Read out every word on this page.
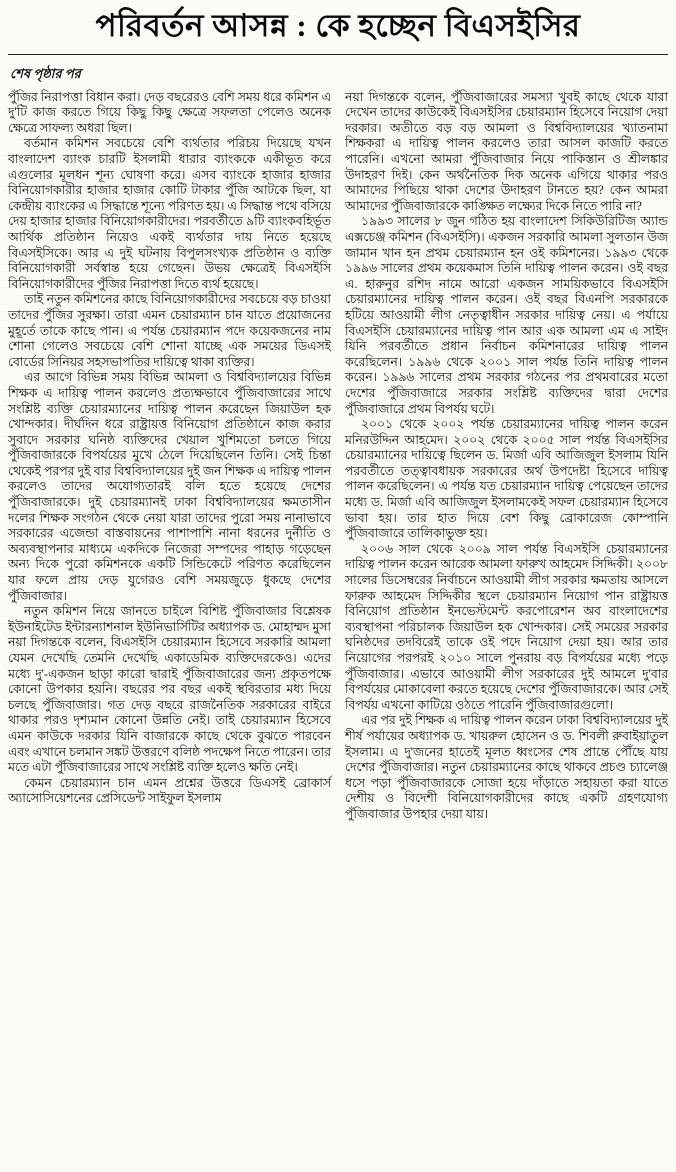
পরিবর্তন আসন্ন : কে হচ্ছেন বিএসইসির
শেষ পৃষ্ঠার পর

পুঁজির নিরাপত্তা বিধান করা। দেড় বছরেরও বেশি সময় ধরে কমিশন এ দু'টি কাজ করতে গিয়ে কিছু কিছু ক্ষেত্রে সফলতা পেলেও অনেক ক্ষেত্রে সাফল্য অধরা ছিল।

বর্তমান কমিশন সবচেয়ে বেশি ব্যর্থতার পরিচয় দিয়েছে যখন বাংলাদেশ ব্যাংক চারটি ইসলামী ধারার ব্যাংককে একীভূত করে এগুলোর মূলধন শূন্য ঘোষণা করে। এসব ব্যাংকে হাজার হাজার বিনিয়োগকারীর হাজার হাজার কোটি টাকার পুঁজি আটকে ছিল, যা কেন্দ্রীয় ব্যাংকের এ সিদ্ধান্তে শূন্যে পরিণত হয়। এ সিদ্ধান্ত পথে বসিয়ে দেয় হাজার হাজার বিনিয়োগকারীদের। পরবর্তীতে ৯টি ব্যাংকবহির্ভূত আর্থিক প্রতিষ্ঠান নিয়েও একই ব্যর্থতার দায় নিতে হয়েছে বিএসইসিকে। আর এ দুই ঘটনায় বিপুলসংখ্যক প্রতিষ্ঠান ও ব্যক্তি বিনিয়োগকারী সর্বস্বান্ত হয়ে গেছেন। উভয় ক্ষেত্রেই বিএসইসি বিনিয়োগকারীদের পুঁজির নিরাপত্তা দিতে ব্যর্থ হয়েছে।

তাই নতুন কমিশনের কাছে বিনিয়োগকারীদের সবচেয়ে বড় চাওয়া তাদের পুঁজির সুরক্ষা। তারা এমন চেয়ারম্যান চান যাতে প্রয়োজনের মুহূর্তে তাকে কাছে পান। এ পর্যন্ত চেয়ারম্যান পদে কয়েকজনের নাম শোনা গেলেও সবচেয়ে বেশি শোনা যাচ্ছে এক সময়ের ডিএসই বোর্ডের সিনিয়র সহসভাপতির দায়িত্বে থাকা ব্যক্তির।

এর আগে বিভিন্ন সময় বিভিন্ন আমলা ও বিশ্ববিদ্যালয়ের বিভিন্ন শিক্ষক এ দায়িত্ব পালন করলেও প্রত্যক্ষভাবে পুঁজিবাজারের সাথে সংশ্লিষ্ট ব্যক্তি চেয়ারম্যানের দায়িত্ব পালন করেছেন জিয়াউল হক খোন্দকার। দীর্ঘদিন ধরে রাষ্ট্রায়ত্ত বিনিয়োগ প্রতিষ্ঠানে কাজ করার সুবাদে সরকার ঘনিষ্ঠ ব্যক্তিদের খেয়াল খুশিমতো চলতে গিয়ে পুঁজিবাজারকে বিপর্যয়ের মুখে ঠেলে দিয়েছিলেন তিনি। সেই চিন্তা থেকেই পরপর দুই বার বিশ্ববিদ্যালয়ের দুই জন শিক্ষক এ দায়িত্ব পালন করলেও তাদের অযোগ্যতারই বলি হতে হয়েছে দেশের পুঁজিবাজারকে। দুই চেয়ারম্যানই ঢাকা বিশ্ববিদ্যালয়ের ক্ষমতাসীন দলের শিক্ষক সংগঠন থেকে নেয়া যারা তাদের পুরো সময় নানাভাবে সরকারের এজেন্ডা বাস্তবায়নের পাশাপাশি নানা ধরনের দুর্নীতি ও অব্যবস্থাপনার মাধ্যমে একদিকে নিজেরা সম্পদের পাহাড় গড়েছেন অন্য দিকে পুরো কমিশনকে একটি সিন্ডিকেটে পরিণত করেছিলেন যার ফলে প্রায় দেড় যুগেরও বেশি সময়জুড়ে ধুকছে দেশের পুঁজিবাজার।

নতুন কমিশন নিয়ে জানতে চাইলে বিশিষ্ট পুঁজিবাজার বিশ্লেষক ইউনাইটেড ইন্টারন্যাশনাল ইউনিভার্সিটির অধ্যাপক ড. মোহাম্মদ মুসা নয়া দিগন্তকে বলেন, বিএসইসি চেয়ারম্যান হিসেবে সরকারি আমলা যেমন দেখেছি তেমনি দেখেছি একাডেমিক ব্যক্তিদেরকেও। এদের মধ্যে দু'-একজন ছাড়া কারো দ্বারাই পুঁজিবাজারের জন্য প্রকৃতপক্ষে কোনো উপকার হয়নি। বছরের পর বছর একই স্থবিরতার মধ্য দিয়ে চলছে পুঁজিবাজার। গত দেড় বছরে রাজনৈতিক সরকারের বাইরে থাকার পরও দৃশ্যমান কোনো উন্নতি নেই। তাই চেয়ারম্যান হিসেবে এমন কাউকে দরকার যিনি বাজারকে কাছে থেকে বুঝতে পারবেন এবং এখানে চলমান সঙ্কট উত্তরণে বলিষ্ঠ পদক্ষেপ নিতে পারেন। তার মতে এটা পুঁজিবাজারের সাথে সংশ্লিষ্ট ব্যক্তি হলেও ক্ষতি নেই।

কেমন চেয়ারম্যান চান এমন প্রশ্নের উত্তরে ডিএসই ব্রোকার্স অ্যাসোসিয়েশনের প্রেসিডেন্ট সাইফুল ইসলাম

নয়া দিগন্তকে বলেন, পুঁজিবাজারের সমস্যা খুবই কাছে থেকে যারা দেখেন তাদের কাউকেই বিএসইসির চেয়ারম্যান হিসেবে নিয়োগ দেয়া দরকার। অতীতে বড় বড় আমলা ও বিশ্ববিদ্যালয়ের খ্যাতনামা শিক্ষকরা এ দায়িত্ব পালন করলেও তারা আসল কাজটি করতে পারেনি। এখনো আমরা পুঁজিবাজার নিয়ে পাকিস্তান ও শ্রীলঙ্কার উদাহরণ দিই। কেন অর্থনৈতিক দিক অনেক এগিয়ে থাকার পরও আমাদের পিছিয়ে থাকা দেশের উদাহরণ টানতে হয়? কেন আমরা আমাদের পুঁজিবাজারকে কাঙ্ক্ষিত লক্ষ্যের দিকে নিতে পারি না?

১৯৯৩ সালের ৮ জুন গঠিত হয় বাংলাদেশ সিকিউরিটিজ অ্যান্ড এক্সচেঞ্জ কমিশন (বিএসইসি)। একজন সরকারি আমলা সুলতান উজ জামান খান হন প্রথম চেয়ারম্যান হন ওই কমিশনের। ১৯৯৩ থেকে ১৯৯৬ সালের প্রথম কয়েকমাস তিনি দায়িত্ব পালন করেন। ওই বছর এ. হারুনুর রশিদ নামে আরো একজন সাময়িকভাবে বিএসইসি চেয়ারম্যানের দায়িত্ব পালন করেন। ওই বছর বিএনপি সরকারকে হটিয়ে আওয়ামী লীগ নেতৃত্বাধীন সরকার দায়িত্ব নেয়। এ পর্যায়ে বিএসইসি চেয়ারম্যানের দায়িত্ব পান আর এক আমলা এম এ সাইদ যিনি পরবর্তীতে প্রধান নির্বাচন কমিশনারের দায়িত্ব পালন করেছিলেন। ১৯৯৬ থেকে ২০০১ সাল পর্যন্ত তিনি দায়িত্ব পালন করেন। ১৯৯৬ সালের প্রথম সরকার গঠনের পর প্রথমবারের মতো দেশের পুঁজিবাজারে সরকার সংশ্লিষ্ট ব্যক্তিদের দ্বারা দেশের পুঁজিবাজারে প্রথম বিপর্যয় ঘটে।

২০০১ থেকে ২০০২ পর্যন্ত চেয়ারম্যানের দায়িত্ব পালন করেন মনিরউদ্দিন আহমেদ। ২০০২ থেকে ২০০৫ সাল পর্যন্ত বিএসইসির চেয়ারম্যানের দায়িত্বে ছিলেন ড. মির্জা এবি আজিজুল ইসলাম যিনি পরবর্তীতে তত্ত্বাবধায়ক সরকারের অর্থ উপদেষ্টা হিসেবে দায়িত্ব পালন করেছিলেন। এ পর্যন্ত যত চেয়ারম্যান দায়িত্ব পেয়েছেন তাদের মধ্যে ড. মির্জা এবি আজিজুল ইসলামকেই সফল চেয়ারম্যান হিসেবে ভাবা হয়। তার হাত দিয়ে বেশ কিছু ব্রোকারেজ কোম্পানি পুঁজিবাজারে তালিকাভুক্ত হয়।

২০০৬ সাল থেকে ২০০৯ সাল পর্যন্ত বিএসইসি চেয়ারম্যানের দায়িত্ব পালন করেন আরেক আমলা ফারুখ আহমেদ সিদ্দিকী। ২০০৮ সালের ডিসেম্বরের নির্বাচনে আওয়ামী লীগ সরকার ক্ষমতায় আসলে ফারুক আহমেদ সিদ্দিকীর স্থলে চেয়ারম্যান নিয়োগ পান রাষ্ট্রায়ত্ত বিনিয়োগ প্রতিষ্ঠান ইনভেস্টমেন্ট করপোরেশন অব বাংলাদেশের ব্যবস্থাপনা পরিচালক জিয়াউল হক খোন্দকার। সেই সময়ের সরকার ঘনিষ্ঠদের তদবিরেই তাকে ওই পদে নিয়োগ দেয়া হয়। আর তার নিয়োগের পরপরই ২০১০ সালে পুনরায় বড় বিপর্যয়ের মধ্যে পড়ে পুঁজিবাজার। এভাবে আওয়ামী লীগ সরকারের দুই আমলে দু'বার বিপর্যয়ের মোকাবেলা করতে হয়েছে দেশের পুঁজিবাজারকে। আর সেই বিপর্যয় এখনো কাটিয়ে ওঠতে পারেনি পুঁজিবাজারগুলো।

এর পর দুই শিক্ষক এ দায়িত্ব পালন করেন ঢাকা বিশ্ববিদ্যালয়ের দুই শীর্ষ পর্যায়ের অধ্যাপক ড. খায়রুল হোসেন ও ড. শিবলী রুবাইয়াতুল ইসলাম। এ দু'জনের হাতেই মূলত ধ্বংসের শেষ প্রান্তে পৌঁছে যায় দেশের পুঁজিবাজার। নতুন চেয়ারম্যানের কাছে থাকবে প্রচণ্ড চ্যালেঞ্জ ধসে পড়া পুঁজিবাজারকে সোজা হয়ে দাঁড়াতে সহায়তা করা যাতে দেশীয় ও বিদেশী বিনিয়োগকারীদের কাছে একটি গ্রহণযোগ্য পুঁজিবাজার উপহার দেয়া যায়।
